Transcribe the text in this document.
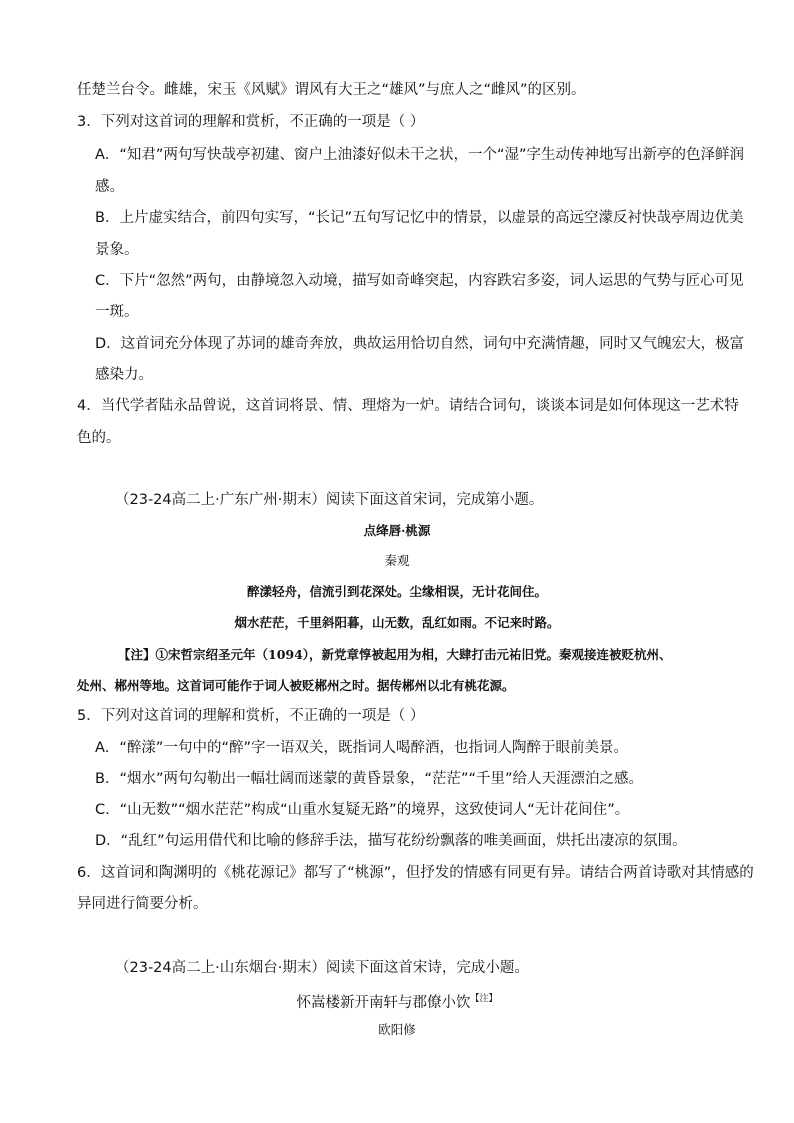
任楚兰台令。雌雄，宋玉《风赋》谓风有大王之“雄风”与庶人之“雌风”的区别。
3．下列对这首词的理解和赏析，不正确的一项是（ ）
A．“知君”两句写快哉亭初建、窗户上油漆好似未干之状，一个“湿”字生动传神地写出新亭的色泽鲜润
感。
B．上片虚实结合，前四句实写，“长记”五句写记忆中的情景，以虚景的高远空濛反衬快哉亭周边优美
景象。
C．下片“忽然”两句，由静境忽入动境，描写如奇峰突起，内容跌宕多姿，词人运思的气势与匠心可见
一斑。
D．这首词充分体现了苏词的雄奇奔放，典故运用恰切自然，词句中充满情趣，同时又气魄宏大，极富
感染力。
4．当代学者陆永品曾说，这首词将景、情、理熔为一炉。请结合词句，谈谈本词是如何体现这一艺术特
色的。
（23-24高二上·广东广州·期末）阅读下面这首宋词，完成第小题。
点绛唇·桃源
秦观
醉漾轻舟，信流引到花深处。尘缘相误，无计花间住。
烟水茫茫，千里斜阳暮，山无数，乱红如雨。不记来时路。
【注】①宋哲宗绍圣元年（1094），新党章惇被起用为相，大肆打击元祐旧党。秦观接连被贬杭州、
处州、郴州等地。这首词可能作于词人被贬郴州之时。据传郴州以北有桃花源。
5．下列对这首词的理解和赏析，不正确的一项是（ ）
A．“醉漾”一句中的“醉”字一语双关，既指词人喝醉酒，也指词人陶醉于眼前美景。
B．“烟水”两句勾勒出一幅壮阔而迷蒙的黄昏景象，“茫茫”“千里”给人天涯漂泊之感。
C．“山无数”“烟水茫茫”构成“山重水复疑无路”的境界，这致使词人“无计花间住”。
D．“乱红”句运用借代和比喻的修辞手法，描写花纷纷飘落的唯美画面，烘托出凄凉的氛围。
6．这首词和陶渊明的《桃花源记》都写了“桃源”，但抒发的情感有同更有异。请结合两首诗歌对其情感的
异同进行简要分析。
（23-24高二上·山东烟台·期末）阅读下面这首宋诗，完成小题。
怀嵩楼新开南轩与郡僚小饮$^{【注】}$
欧阳修
